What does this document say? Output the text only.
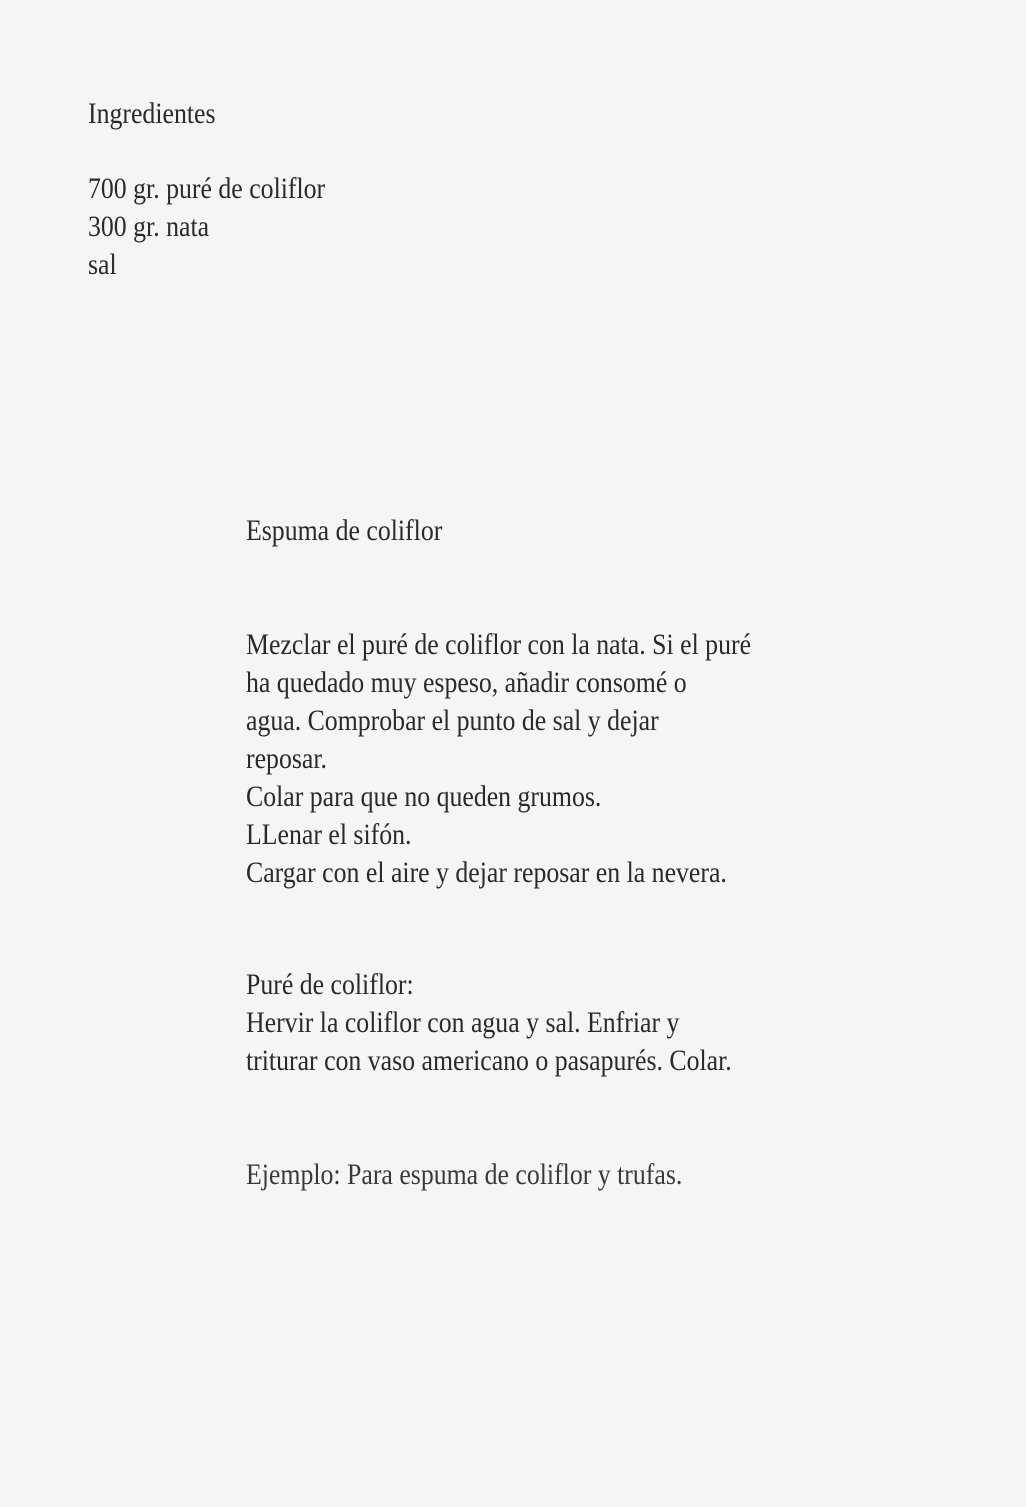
Ingredientes
700 gr. puré de coliflor
300 gr. nata
sal
Espuma de coliflor
Mezclar el puré de coliflor con la nata. Si el puré
ha quedado muy espeso, añadir consomé o
agua. Comprobar el punto de sal y dejar
reposar.
Colar para que no queden grumos.
LLenar el sifón.
Cargar con el aire y dejar reposar en la nevera.
Puré de coliflor:
Hervir la coliflor con agua y sal. Enfriar y
triturar con vaso americano o pasapurés. Colar.
Ejemplo: Para espuma de coliflor y trufas.
